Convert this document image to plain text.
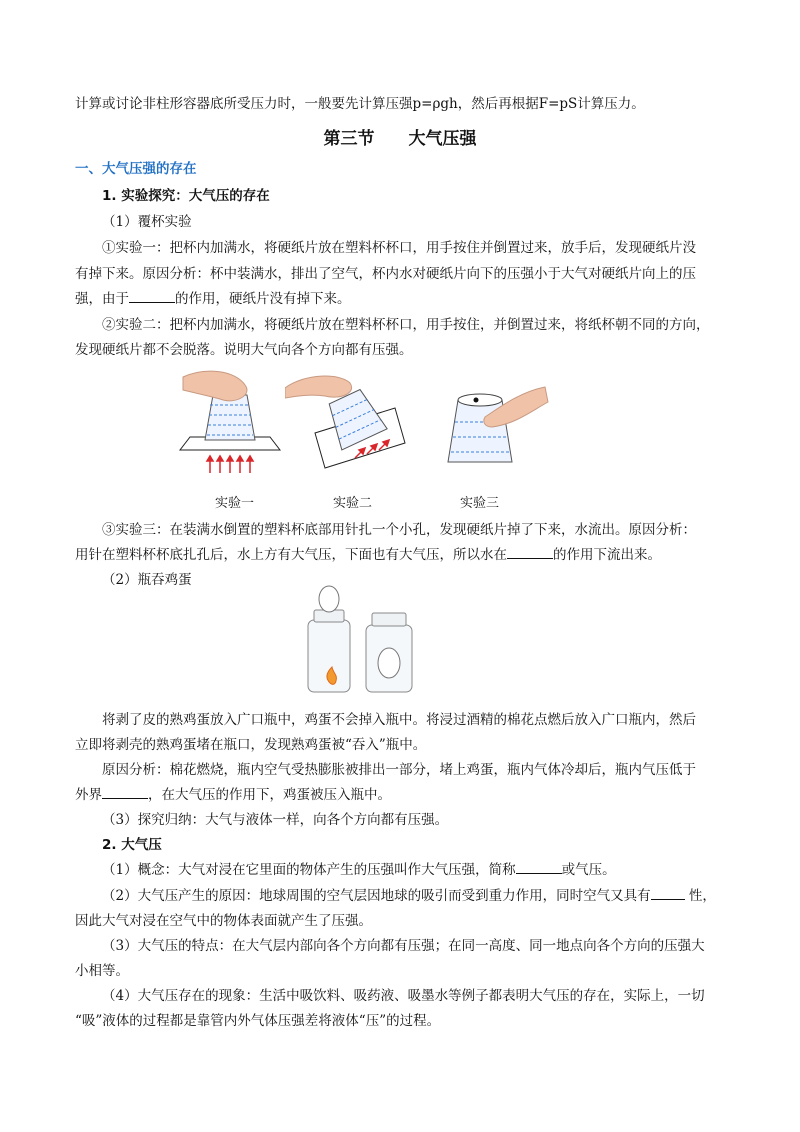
计算或讨论非柱形容器底所受压力时，一般要先计算压强p=ρgh，然后再根据F=pS计算压力。
第三节 大气压强
一、大气压强的存在
1. 实验探究：大气压的存在
（1）覆杯实验
①实验一：把杯内加满水，将硬纸片放在塑料杯杯口，用手按住并倒置过来，放手后，发现硬纸片没
有掉下来。原因分析：杯中装满水，排出了空气，杯内水对硬纸片向下的压强小于大气对硬纸片向上的压
强，由于	的作用，硬纸片没有掉下来。
②实验二：把杯内加满水，将硬纸片放在塑料杯杯口，用手按住，并倒置过来，将纸杯朝不同的方向，
发现硬纸片都不会脱落。说明大气向各个方向都有压强。
实验一	实验二	实验三
③实验三：在装满水倒置的塑料杯底部用针扎一个小孔，发现硬纸片掉了下来，水流出。原因分析：
用针在塑料杯杯底扎孔后，水上方有大气压，下面也有大气压，所以水在	的作用下流出来。
（2）瓶吞鸡蛋
将剥了皮的熟鸡蛋放入广口瓶中，鸡蛋不会掉入瓶中。将浸过酒精的棉花点燃后放入广口瓶内，然后
立即将剥壳的熟鸡蛋堵在瓶口，发现熟鸡蛋被“吞入”瓶中。
原因分析：棉花燃烧，瓶内空气受热膨胀被排出一部分，堵上鸡蛋，瓶内气体冷却后，瓶内气压低于
外界	，在大气压的作用下，鸡蛋被压入瓶中。
（3）探究归纳：大气与液体一样，向各个方向都有压强。
2. 大气压
（1）概念：大气对浸在它里面的物体产生的压强叫作大气压强，简称	或气压。
（2）大气压产生的原因：地球周围的空气层因地球的吸引而受到重力作用，同时空气又具有	性，
因此大气对浸在空气中的物体表面就产生了压强。
（3）大气压的特点：在大气层内部向各个方向都有压强；在同一高度、同一地点向各个方向的压强大
小相等。
（4）大气压存在的现象：生活中吸饮料、吸药液、吸墨水等例子都表明大气压的存在，实际上，一切
“吸”液体的过程都是靠管内外气体压强差将液体“压”的过程。
